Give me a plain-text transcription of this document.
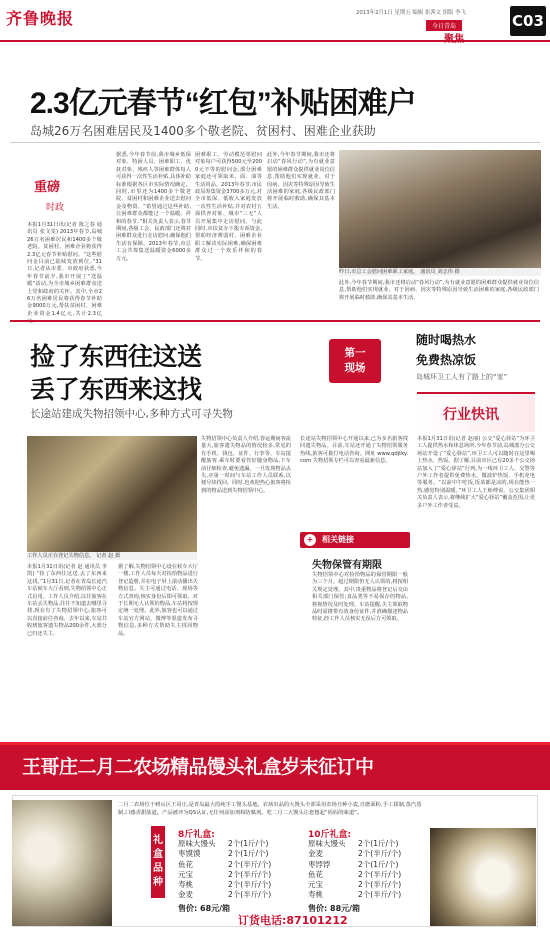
齐鲁晚报	2013年2月1日 星期五 编辑 张茜文 组版 李飞
今日青岛
聚焦
C03
2.3亿元春节“红包”补贴困难户
岛城26万名困难居民及1400多个敬老院、贫困村、困难企业获助
重磅
时政
本报1月31日讯(记者 陈之春 通讯员 张文雯) 2013年春节,岛城26万名困难居民和1400多个敬老院、贫困村、困难企业将获得2.3亿元春节补贴慰问。“这些慰问金目前已陆续发放到位。”31日,记者从市委、市政府获悉,今年春节前夕,我市开展了“送温暖”活动,为全市城乡困难群众送上党和政府的关怀。其中,全市26万名困难居民将获得春节补助金9000万元,帮扶贫困村、困难企业资金1.4亿元,共计2.3亿
据悉,今年春节前,我市城乡低保对象、特困人员、困难职工、优抚对象、残疾人等困难群体每人可获得一次性生活补贴,具体补助标准根据各区市实际情况确定。同时,市里还为1400多个敬老院、贫困村和困难企业送去慰问金及物资。“希望通过这些补助,让困难群众都能过一个温暖、祥和的春节。”相关负责人表示,春节期间,各级工会、民政部门还将对困难群众进行走访慰问,确保他们生活有保障。2013年春节,市总工会共筹集送温暖资金6000多万元。
困难职工、劳动模范等慰问对象每户可获得500元至2000元不等的慰问金,部分困难家庭还可领取米、面、油等生活用品。2013年春节,市民政局筹集资金3700多万元,对全市低保、低收入家庭发放一次性生活补贴,并对农村五保供养对象、城市“三无”人员开展集中走访慰问。与此同时,市扶贫办下拨专项资金,帮助经济薄弱村、困难企业职工解决实际困难,确保困难群众过一个欢乐祥和的春节。
此外,今年春节期间,我市还将启动“春风行动”,为有就业意愿的困难群众提供就业岗位信息,帮助他们实现就业。对于因病、因灾等特殊原因导致生活困难的家庭,各级民政部门将开展临时救助,确保其基本生活。
昨日,市总工会慰问困难职工家庭。 通讯员 刘志伟 摄
此外,今年春节期间,我市还将启动“春风行动”,为有就业意愿的困难群众提供就业岗位信息,帮助他们实现就业。对于因病、因灾等特殊原因导致生活困难的家庭,各级民政部门将开展临时救助,确保其基本生活。
捡了东西往这送
丢了东西来这找
长途站建成失物招领中心,多种方式可寻失物
第一
现场
工作人员正在登记失物信息。 记者 赵 摄
本报1月31日讯(记者 赵 通讯员 李凯) “捡了东西往这送,丢了东西来这找。”1月31日,记者在青岛长途汽车站候车大厅看到,失物招领中心正式启用。工作人员介绍,以往旅客在车站丢失物品,往往不知道去哪里寻找,现在有了失物招领中心,旅客可以直接前往咨询。去年以来,车站共收到旅客遗失物品200余件,大部分已归还失主。
据了解,失物招领中心设在候车大厅一楼,工作人员每天对捡拾物品进行登记造册,并在电子屏上滚动播出失物信息。失主可通过电话、现场等方式查询,核实身份后即可领取。对于长期无人认领的物品,车站将按规定统一处理。此外,旅客也可以通过车站官方网站、微博等渠道发布寻物信息,多种方式帮助失主找回物品。
失物招领中心负责人介绍,春运期间客流量大,旅客遗失物品的情况较多,常见的有手机、钱包、证件、行李等。车站提醒旅客,乘车时要看管好随身物品,下车前仔细检查,避免遗漏。一旦发现物品丢失,应第一时间与车站工作人员联系,以便尽快找回。同时,也欢迎热心旅客将捡到的物品送到失物招领中心。
长途站失物招领中心开通以来,已为多名旅客找回遗失物品。目前,车站还开通了失物招领服务热线,旅客可拨打电话咨询。网址 www.qdjtky.com 失物招领专栏可以查看最新信息。
+	相关链接
失物保管有期限
失物招领中心对捡拾物品的保管期限一般为三个月。超过期限仍无人认领的,将按相关规定处理。其中,贵重物品将登记后交由相关部门保管;食品类等不易保存的物品,将视情况及时处理。车站提醒,失主领取物品时需携带有效身份证件,并准确描述物品特征,经工作人员核实无误后方可领取。
随时喝热水
免费热凉饭
岛城环卫工人有了路上的“家”
行业快讯
本报1月31日讯(记者 赵丽) 公交“爱心驿站”为环卫工人提供热水和休息场所,今年春节前,岛城部分公交场站开设了“爱心驿站”,环卫工人可以随时在这里喝上热水、热饭。据了解,目前市区已有20多个公交场站加入了“爱心驿站”行列,为一线环卫工人、交警等户外工作者提供免费热水、微波炉热饭、手机充电等服务。“以前中午吃饭,饭菜都是凉的,现在能热一热,感觉特别温暖。”环卫工人王师傅说。公交集团相关负责人表示,将继续扩大“爱心驿站”覆盖范围,让更多户外工作者受益。
王哥庄二月二农场精品馒头礼盒岁末征订中
二月二农场位于崂山区王哥庄,是青岛最大的纯手工馒头基地。农场出品的大馒头全部采用农场自种小麦,自磨面粉,手工揉制,蒸汽蒸制,口感香甜筋道。产品被评为QS认证,无任何添加剂和防腐剂。吃二月二大馒头让您想起“妈妈的味道”。
礼盒品种
8斤礼盒:
原味大馒头 2个(1斤/个)
枣馍馍	2个(1斤/个)
鱼花	2个(半斤/个)
元宝	2个(半斤/个)
寿桃	2个(半斤/个)
金麦	2个(半斤/个)
售价: 68元/箱
10斤礼盒:
原味大馒头 2个(1斤/个)
金麦	2个(半斤/个)
枣饽饽	2个(1斤/个)
鱼花	2个(半斤/个)
元宝	2个(半斤/个)
寿桃	2个(半斤/个)
售价: 88元/箱
订货电话:87101212
